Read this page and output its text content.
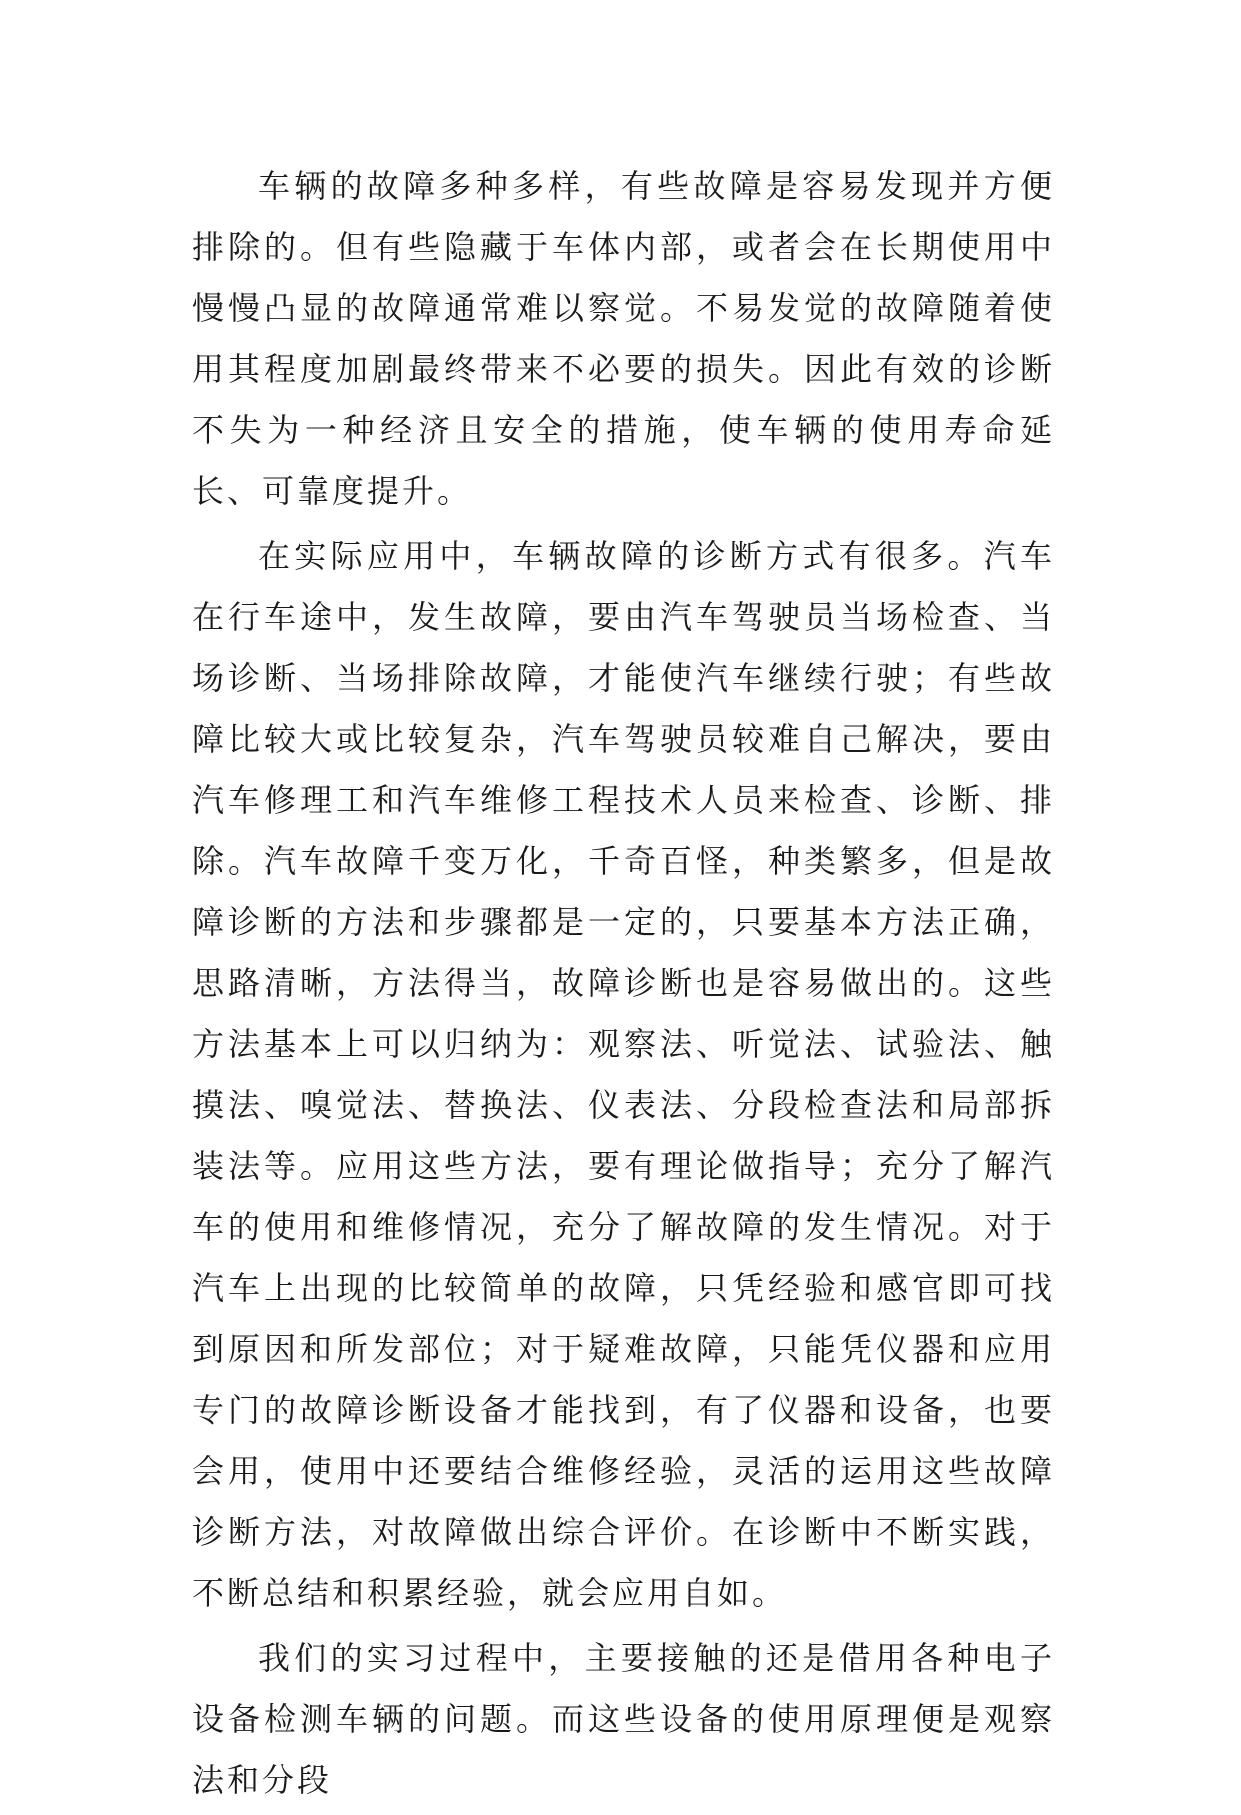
车辆的故障多种多样，有些故障是容易发现并方便排除的。但有些隐藏于车体内部，或者会在长期使用中慢慢凸显的故障通常难以察觉。不易发觉的故障随着使用其程度加剧最终带来不必要的损失。因此有效的诊断不失为一种经济且安全的措施，使车辆的使用寿命延长、可靠度提升。

在实际应用中，车辆故障的诊断方式有很多。汽车在行车途中，发生故障，要由汽车驾驶员当场检查、当场诊断、当场排除故障，才能使汽车继续行驶；有些故障比较大或比较复杂，汽车驾驶员较难自己解决，要由汽车修理工和汽车维修工程技术人员来检查、诊断、排除。汽车故障千变万化，千奇百怪，种类繁多，但是故障诊断的方法和步骤都是一定的，只要基本方法正确，思路清晰，方法得当，故障诊断也是容易做出的。这些方法基本上可以归纳为：观察法、听觉法、试验法、触摸法、嗅觉法、替换法、仪表法、分段检查法和局部拆装法等。应用这些方法，要有理论做指导；充分了解汽车的使用和维修情况，充分了解故障的发生情况。对于汽车上出现的比较简单的故障，只凭经验和感官即可找到原因和所发部位；对于疑难故障，只能凭仪器和应用专门的故障诊断设备才能找到，有了仪器和设备，也要会用，使用中还要结合维修经验，灵活的运用这些故障诊断方法，对故障做出综合评价。在诊断中不断实践，不断总结和积累经验，就会应用自如。

我们的实习过程中，主要接触的还是借用各种电子设备检测车辆的问题。而这些设备的使用原理便是观察法和分段
